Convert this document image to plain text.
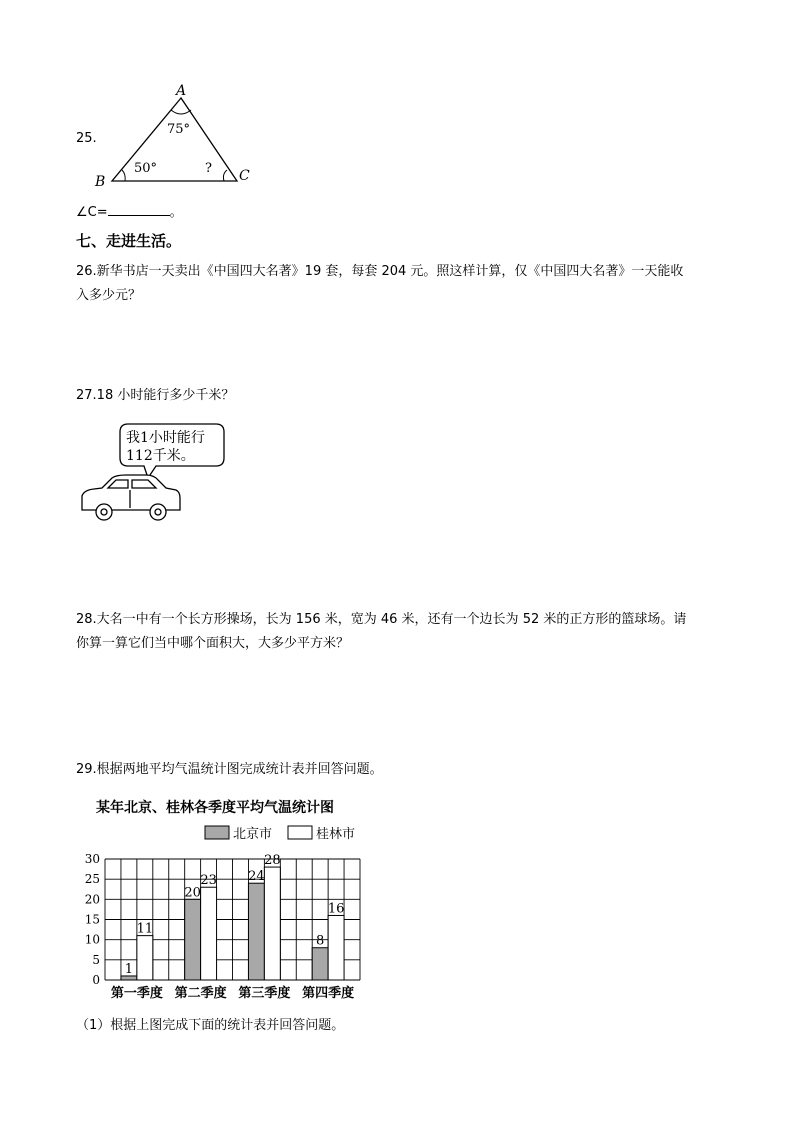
25.
A
B	C
75°
50°	?
∠C=	。
七、走进生活。
26.新华书店一天卖出《中国四大名著》19 套，每套 204 元。照这样计算，仅《中国四大名著》一天能收
入多少元？
27.18 小时能行多少千米？
我1小时能行
112千米。
28.大名一中有一个长方形操场，长为 156 米，宽为 46 米，还有一个边长为 52 米的正方形的篮球场。请
你算一算它们当中哪个面积大，大多少平方米？
29.根据两地平均气温统计图完成统计表并回答问题。
某年北京、桂林各季度平均气温统计图
北京市	桂林市
0
5
10
15
20
25
30
1
20
24
8
11
23
28
16
第一季度 第二季度 第三季度 第四季度
（1）根据上图完成下面的统计表并回答问题。
